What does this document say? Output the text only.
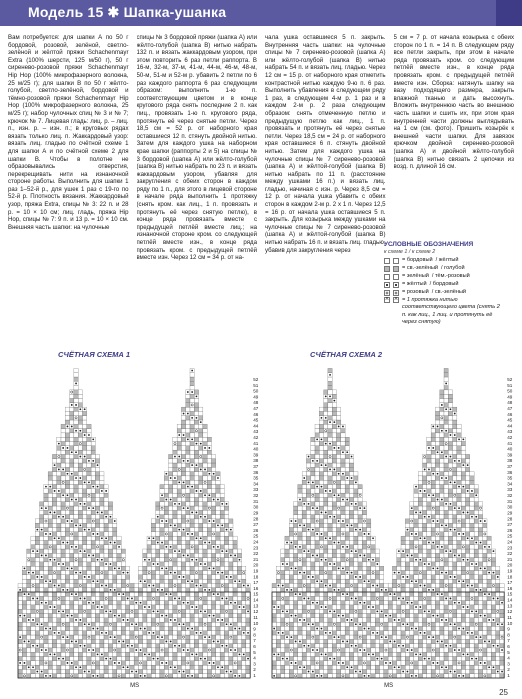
Модель 15 ✱ Шапка-ушанка

Вам потребуется: для шапки А по 50 г бордовой, розовой, зелёной, светло-зелёной и жёлтой пряжи Schachenmayr Extra (100% шерсти, 125 м/50 г), 50 г сиренево-розовой пряжи Schachenmayr Hip Hop (100% микрофазерного волокна, 25 м/25 г); для шапки В по 50 г жёлто-голубой, светло-зелёной, бордовой и тёмно-розовой пряжи Schachenmayr Hip Hop (100% микрофазерного волокна, 25 м/25 г); набор чулочных спиц № 3 и № 7; крючок № 7. Лицевая гладь: лиц. р. – лиц. п., изн. р. – изн. п.; в круговых рядах вязать только лиц. п. Жаккардовый узор: вязать лиц. гладью по счётной схеме 1 для шапки А и по счётной схеме 2 для шапки В. Чтобы в полотне не образовывались отверстия, перекрещивать нити на изнаночной стороне работы. Выполнить для шапки 1 раз 1–52-й р., для ушек 1 раз с 19-го по 52-й р. Плотность вязания. Жаккардовый узор, пряжа Extra, спицы № 3: 22 п. и 28 р. = 10 × 10 см; лиц. гладь, пряжа Hip Hop, спицы № 7: 9 п. и 13 р. = 10 × 10 см. Внешняя часть шапки: на чулочные

спицы № 3 бордовой пряжи (шапка А) или жёлто-голубой (шапка В) нитью набрать 132 п. и вязать жаккардовым узором, при этом повторить 6 раз петли раппорта. В 16-м, 32-м, 37-м, 41-м, 44-м, 46-м, 48-м, 50-м, 51-м и 52-м р. убавить 2 петли по 6 раз каждого раппорта 6 раз следующим образом: выполнить 1-ю п. соответствующим цветом и в конце кругового ряда снять последние 2 п. как лиц., провязать 1-ю п. кругового ряда, протянуть её через снятые петли. Через 18,5 см = 52 р. от наборного края оставшиеся 12 п. стянуть двойной нитью. Затем для каждого ушка на наборном крае шапки (раппорты 2 и 5) на спицы № 3 бордовой (шапка А) или жёлто-голубой (шапка В) нитью набрать по 23 п. и вязать жаккардовым узором, убавляя для закругления с обеих сторон в каждом ряду по 1 п., для этого в лицевой стороне в начале ряда выполнить 1 протяжку (снять кром. как лиц., 1 п. провязать и протянуть её через снятую петлю), в конце ряда провязать вместе с предыдущей петлёй вместе лиц.; на изнаночной стороне кром. со следующей петлёй вместе изн., в конце ряда провязать кром. с предыдущей петлёй вместе изн. Через 12 см = 34 р. от на-

чала ушка оставшиеся 5 п. закрыть. Внутренняя часть шапки: на чулочные спицы № 7 сиренево-розовой (шапка А) или жёлто-голубой (шапка В) нитью набрать 54 п. и вязать лиц. гладью. Через 12 см = 15 р. от наборного края отметить контрастной нитью каждую 9-ю п. 6 раз. Выполнить убавления в следующем ряду 1 раз, в следующем 4-м р. 1 раз и в каждом 2-м р. 2 раза следующим образом: снять отмеченную петлю и предыдущую петлю как лиц., 1 п. провязать и протянуть её через снятые петли. Через 18,5 см = 24 р. от наборного края оставшиеся 6 п. стянуть двойной нитью. Затем для каждого ушка на чулочные спицы № 7 сиренево-розовой (шапка А) и жёлтой-голубой (шапка В) нитью набрать по 11 п. (расстояние между ушками 16 п.) и вязать лиц. гладью, начиная с изн. р. Через 8,5 см = 12 р. от начала ушка убавить с обеих сторон в каждом 2-м р. 2 х 1 п. Через 12,5 = 16 р. от начала ушка оставшиеся 5 п. закрыть. Для козырька между ушками на чулочные спицы № 7 сиренево-розовой (шапка А) и жёлтой-голубой (шапка В) нитью набрать 16 п. и вязать лиц. гладью, убавив для закругления через

5 см = 7 р. от начала козырька с обеих сторон по 1 п. = 14 п. В следующем ряду все петли закрыть, при этом в начале ряда провязать кром. со следующим петлёй вместе изн., в конце ряда провязать кром. с предыдущей петлёй вместе изн. Сборка: натянуть шапку на вазу подходящего размера, закрыть влажной тканью и дать высохнуть. Вложить внутреннюю часть во внешнюю часть шапки и сшить их, при этом края внутренней части должны выглядывать на 1 см (см. фото). Пришить козырёк к внешней части шапки. Для завязок крючком двойной сиренево-розовой (шапка А) и двойной жёлто-голубой (шапка В) нитью связать 2 цепочки из возд. п. длиной 16 см.

УСЛОВНЫЕ ОБОЗНАЧЕНИЯ
к схеме 1 / к схеме 2
= бордовый / жёлтый
= св.-зелёный / голубой
= зелёный / тём.-розовый
= жёлтый / бордовый
= розовый / св.-зелёный
˄ ˄ = 1 протяжка нитью соответствующего цвета (снять 2 п. как лиц., 1 лиц. и протянуть её через снятую)
СЧЁТНАЯ СХЕМА 1	СЧЁТНАЯ СХЕМА 2
1
2
3
4
5
6
7
8
9
10
11
12
13
14
15
16
17
18
19
20
21
22
23
24
25
26
27
28
29
30
31
32
33
34
35
36
37
38
39
40
41
42
43
44
45
46
47
48
49
50
51
52
MS
1
2
3
4
5
6
7
8
9
10
11
12
13
14
15
16
17
18
19
20
21
22
23
24
25
26
27
28
29
30
31
32
33
34
35
36
37
38
39
40
41
42
43
44
45
46
47
48
49
50
51
52
MS
25
